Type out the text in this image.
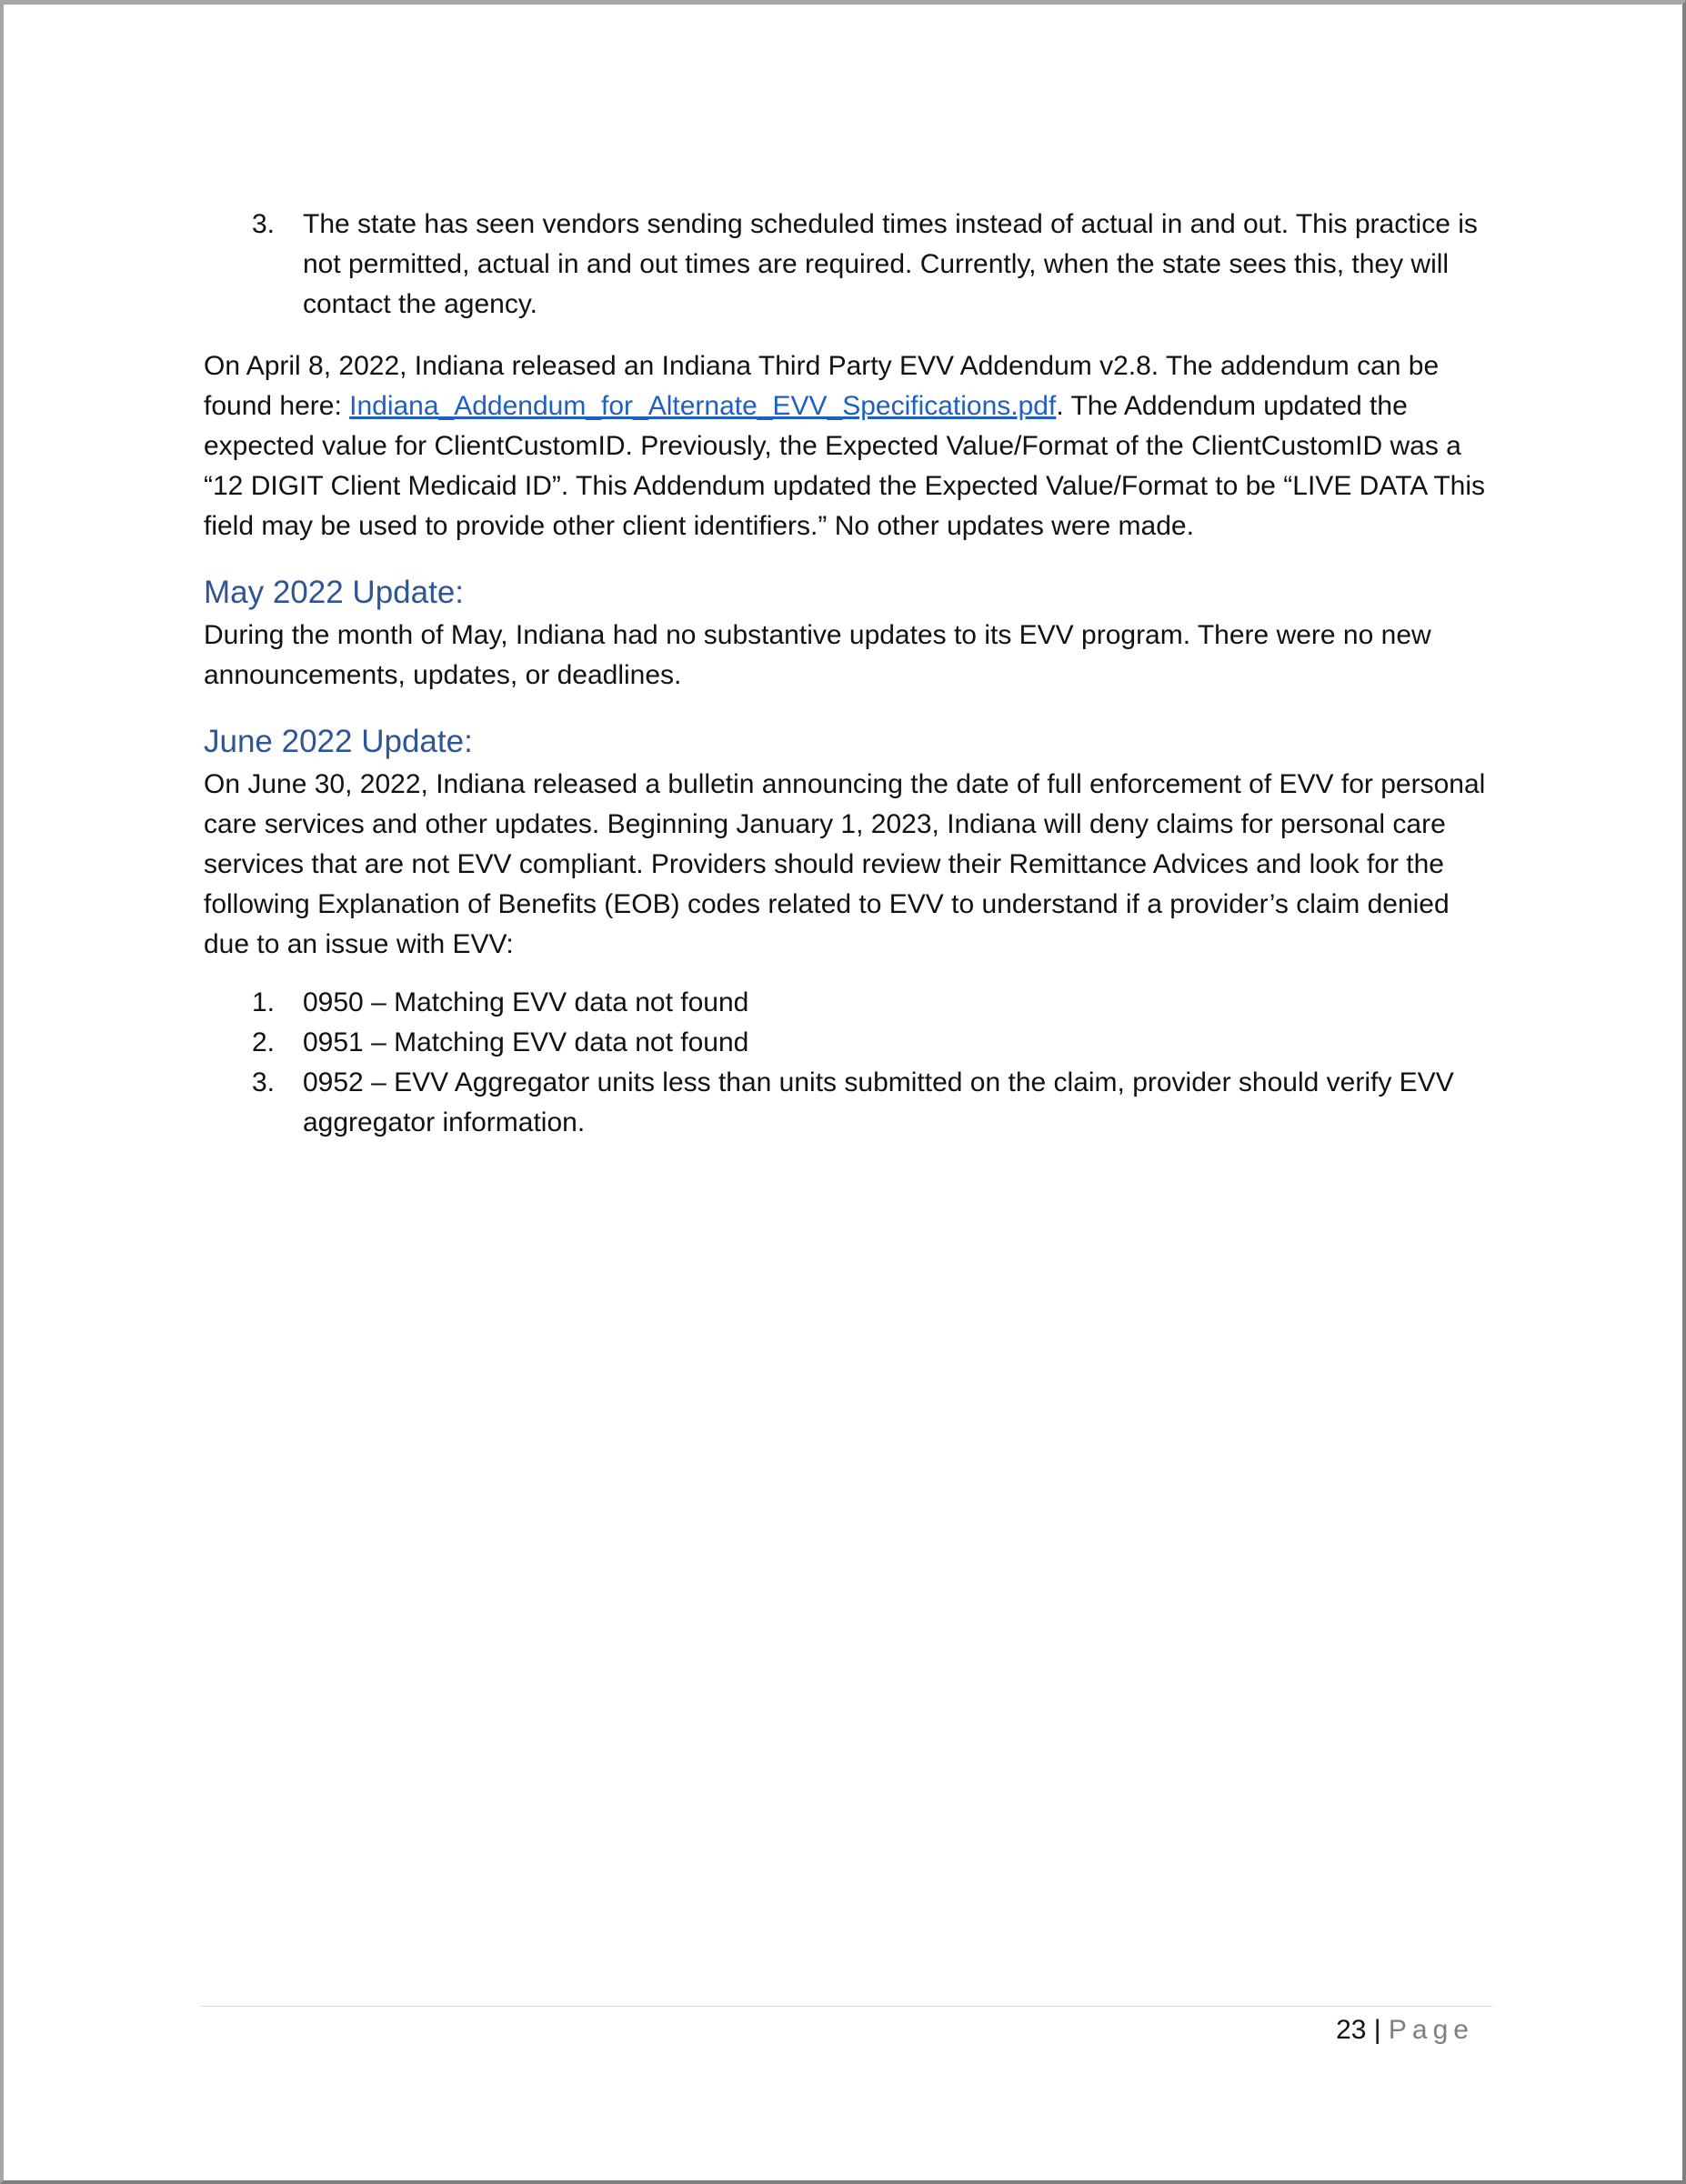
3. The state has seen vendors sending scheduled times instead of actual in and out. This practice is not permitted, actual in and out times are required. Currently, when the state sees this, they will contact the agency.

On April 8, 2022, Indiana released an Indiana Third Party EVV Addendum v2.8. The addendum can be found here: Indiana_Addendum_for_Alternate_EVV_Specifications.pdf. The Addendum updated the expected value for ClientCustomID. Previously, the Expected Value/Format of the ClientCustomID was a “12 DIGIT Client Medicaid ID”. This Addendum updated the Expected Value/Format to be “LIVE DATA This field may be used to provide other client identifiers.” No other updates were made.

May 2022 Update:

During the month of May, Indiana had no substantive updates to its EVV program. There were no new announcements, updates, or deadlines.

June 2022 Update:

On June 30, 2022, Indiana released a bulletin announcing the date of full enforcement of EVV for personal care services and other updates. Beginning January 1, 2023, Indiana will deny claims for personal care services that are not EVV compliant. Providers should review their Remittance Advices and look for the following Explanation of Benefits (EOB) codes related to EVV to understand if a provider’s claim denied due to an issue with EVV:

1. 0950 – Matching EVV data not found
2. 0951 – Matching EVV data not found
3. 0952 – EVV Aggregator units less than units submitted on the claim, provider should verify EVV aggregator information.
23 | Page
